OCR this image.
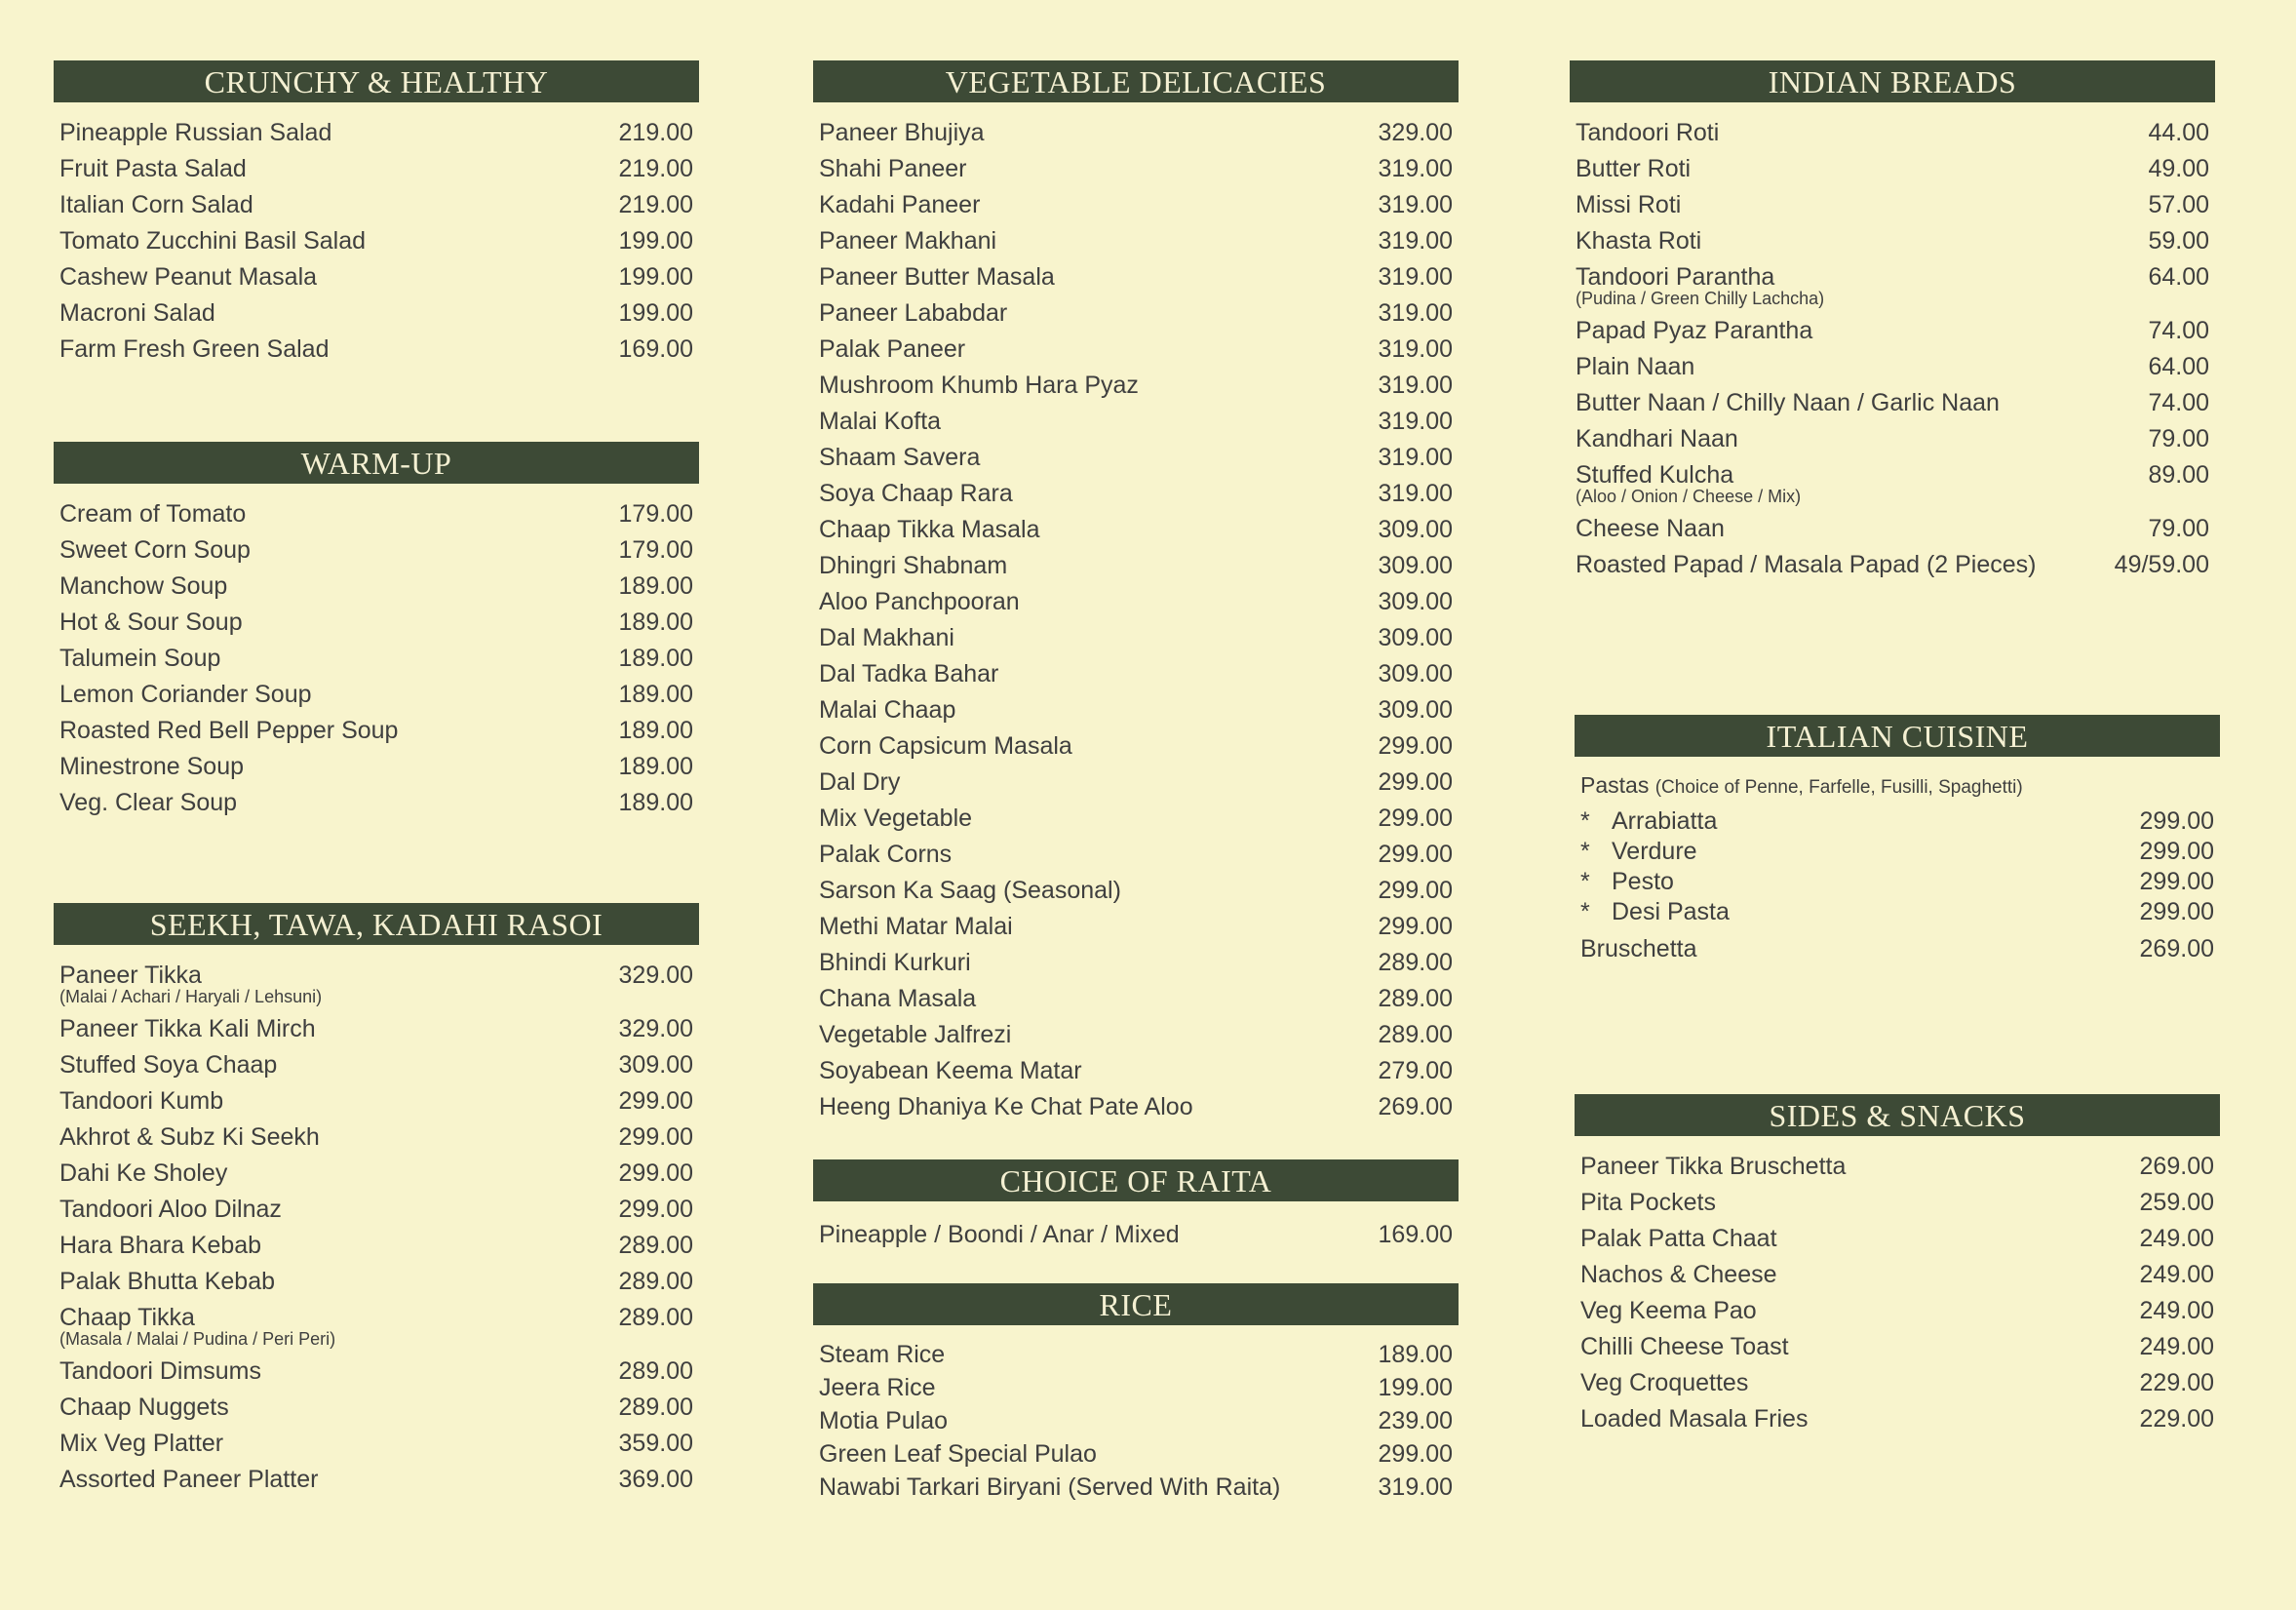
CRUNCHY & HEALTHY
Pineapple Russian Salad	219.00
Fruit Pasta Salad	219.00
Italian Corn Salad	219.00
Tomato Zucchini Basil Salad	199.00
Cashew Peanut Masala	199.00
Macroni Salad	199.00
Farm Fresh Green Salad	169.00
WARM-UP
Cream of Tomato	179.00
Sweet Corn Soup	179.00
Manchow Soup	189.00
Hot & Sour Soup	189.00
Talumein Soup	189.00
Lemon Coriander Soup	189.00
Roasted Red Bell Pepper Soup	189.00
Minestrone Soup	189.00
Veg. Clear Soup	189.00
SEEKH, TAWA, KADAHI RASOI
Paneer Tikka	329.00
(Malai / Achari / Haryali / Lehsuni)
Paneer Tikka Kali Mirch	329.00
Stuffed Soya Chaap	309.00
Tandoori Kumb	299.00
Akhrot & Subz Ki Seekh	299.00
Dahi Ke Sholey	299.00
Tandoori Aloo Dilnaz	299.00
Hara Bhara Kebab	289.00
Palak Bhutta Kebab	289.00
Chaap Tikka	289.00
(Masala / Malai / Pudina / Peri Peri)
Tandoori Dimsums	289.00
Chaap Nuggets	289.00
Mix Veg Platter	359.00
Assorted Paneer Platter	369.00
VEGETABLE DELICACIES
Paneer Bhujiya	329.00
Shahi Paneer	319.00
Kadahi Paneer	319.00
Paneer Makhani	319.00
Paneer Butter Masala	319.00
Paneer Lababdar	319.00
Palak Paneer	319.00
Mushroom Khumb Hara Pyaz	319.00
Malai Kofta	319.00
Shaam Savera	319.00
Soya Chaap Rara	319.00
Chaap Tikka Masala	309.00
Dhingri Shabnam	309.00
Aloo Panchpooran	309.00
Dal Makhani	309.00
Dal Tadka Bahar	309.00
Malai Chaap	309.00
Corn Capsicum Masala	299.00
Dal Dry	299.00
Mix Vegetable	299.00
Palak Corns	299.00
Sarson Ka Saag (Seasonal)	299.00
Methi Matar Malai	299.00
Bhindi Kurkuri	289.00
Chana Masala	289.00
Vegetable Jalfrezi	289.00
Soyabean Keema Matar	279.00
Heeng Dhaniya Ke Chat Pate Aloo	269.00
CHOICE OF RAITA
Pineapple / Boondi / Anar / Mixed	169.00
RICE
Steam Rice	189.00
Jeera Rice	199.00
Motia Pulao	239.00
Green Leaf Special Pulao	299.00
Nawabi Tarkari Biryani (Served With Raita)	319.00
INDIAN BREADS
Tandoori Roti	44.00
Butter Roti	49.00
Missi Roti	57.00
Khasta Roti	59.00
Tandoori Parantha	64.00
(Pudina / Green Chilly Lachcha)
Papad Pyaz Parantha	74.00
Plain Naan	64.00
Butter Naan / Chilly Naan / Garlic Naan	74.00
Kandhari Naan	79.00
Stuffed Kulcha	89.00
(Aloo / Onion / Cheese / Mix)
Cheese Naan	79.00
Roasted Papad / Masala Papad (2 Pieces)	49/59.00
ITALIAN CUISINE
Pastas (Choice of Penne, Farfelle, Fusilli, Spaghetti)
* Arrabiatta	299.00
* Verdure	299.00
* Pesto	299.00
* Desi Pasta	299.00
Bruschetta	269.00
SIDES & SNACKS
Paneer Tikka Bruschetta	269.00
Pita Pockets	259.00
Palak Patta Chaat	249.00
Nachos & Cheese	249.00
Veg Keema Pao	249.00
Chilli Cheese Toast	249.00
Veg Croquettes	229.00
Loaded Masala Fries	229.00
